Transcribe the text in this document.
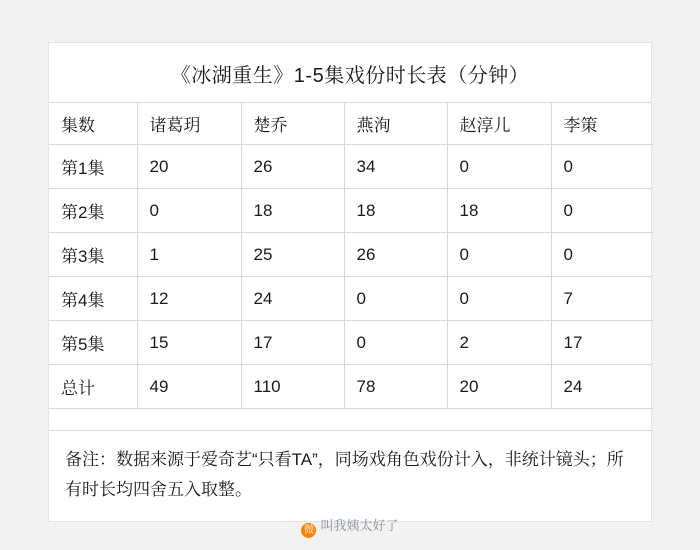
《冰湖重生》1-5集戏份时长表（分钟）
集数	诸葛玥	楚乔	燕洵	赵淳儿	李策
第1集	20	26	34	0	0
第2集	0	18	18	18	0
第3集	1	25	26	0	0
第4集	12	24	0	0	7
第5集	15	17	0	2	17
总计	49	110	78	20	24

备注：数据来源于爱奇艺“只看TA”，同场戏角色戏份计入，非统计镜头；所有时长均四舍五入取整。
微 叫我姨太好了
